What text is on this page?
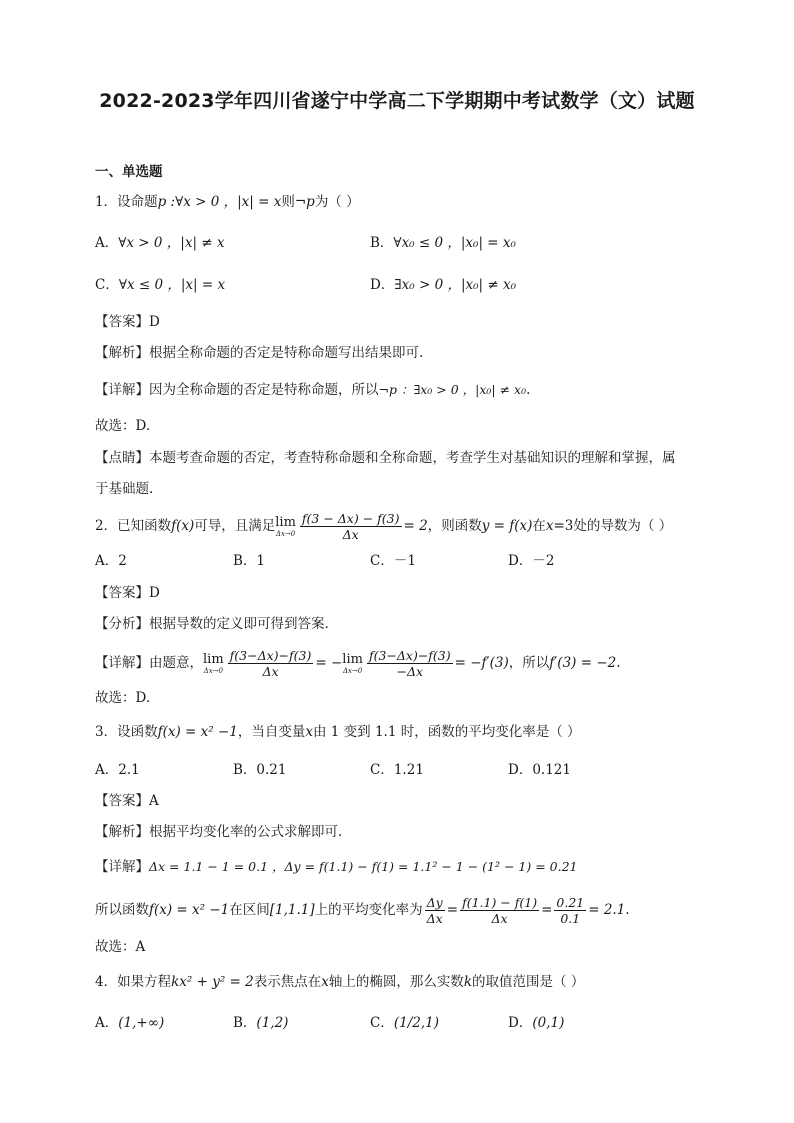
2022-2023学年四川省遂宁中学高二下学期期中考试数学（文）试题
一、单选题
1．设命题p :∀x > 0 ，|x| = x则¬p为（ ）
A．∀x > 0 ，|x| ≠ x	B．∀x₀ ≤ 0 ，|x₀| = x₀
C．∀x ≤ 0 ，|x| = x	D．∃x₀ > 0 ，|x₀| ≠ x₀
【答案】D
【解析】根据全称命题的否定是特称命题写出结果即可.
【详解】因为全称命题的否定是特称命题，所以¬p ：∃x₀ > 0 ，|x₀| ≠ x₀.
故选：D.
【点睛】本题考查命题的否定，考查特称命题和全称命题，考查学生对基础知识的理解和掌握，属
于基础题.
2．已知函数f(x)可导，且满足 lim
$\Delta x\to 0 \frac{f(3 - \Delta x) - f(3)}{\Delta x} = 2$，则函数y = f(x)在x=3处的导数为（ ）
A．2	B．1	C．－1	D．－2
【答案】D
【分析】根据导数的定义即可得到答案.
【详解】由题意， lim
$\Delta x\to 0 \frac{f(3-\Delta x)-f(3)}{\Delta x}$ = − lim
$\Delta x\to 0 \frac{f(3-\Delta x)-f(3)}{-\Delta x} = -f'(3)$，所以f′(3) = −2.
故选：D.
3．设函数f(x) = x² −1，当自变量x由 1 变到 1.1 时，函数的平均变化率是（ ）
A．2.1	B．0.21	C．1.21	D．0.121
【答案】A
【解析】根据平均变化率的公式求解即可.
【详解】Δx = 1.1 − 1 = 0.1 ，Δy = f(1.1) − f(1) = 1.1² − 1 − (1² − 1) = 0.21
所以函数f(x) = x² −1在区间[1,1.1]上的平均变化率为 $\frac{\Delta y}{\Delta x} = \frac{f(1.1) - f(1)}{\Delta x} = \frac{0.21}{0.1} = 2.1$.
故选：A
4．如果方程kx² + y² = 2表示焦点在x轴上的椭圆，那么实数k的取值范围是（ ）
A．(1,+∞)	B．(1,2)	C．(1/2,1)	D．(0,1)
